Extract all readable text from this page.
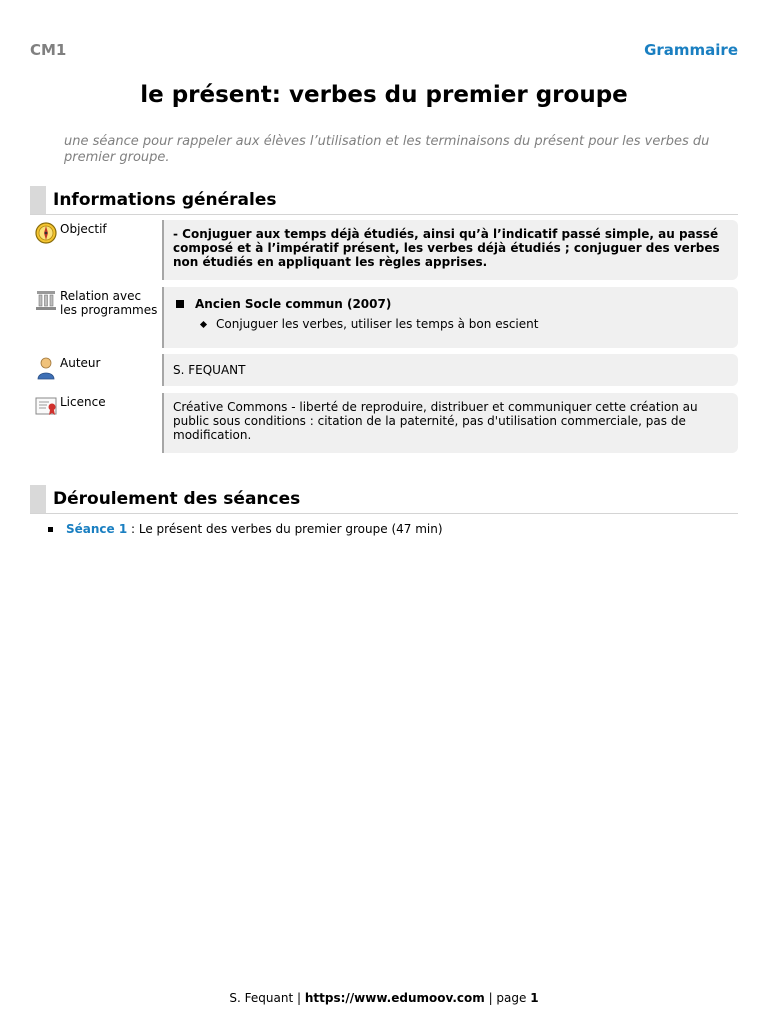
CM1	Grammaire
le présent: verbes du premier groupe
une séance pour rappeler aux élèves l’utilisation et les terminaisons du présent pour les verbes du premier groupe.
Informations générales
Objectif	- Conjuguer aux temps déjà étudiés, ainsi qu’à l’indicatif passé simple, au passé composé et à l’impératif présent, les verbes déjà étudiés ; conjuguer des verbes non étudiés en appliquant les règles apprises.
Relation avec
les programmes	Ancien Socle commun (2007)
Conjuguer les verbes, utiliser les temps à bon escient
Auteur	S. FEQUANT
Licence	Créative Commons - liberté de reproduire, distribuer et communiquer cette création au public sous conditions : citation de la paternité, pas d'utilisation commerciale, pas de modification.
Déroulement des séances
Séance 1 : Le présent des verbes du premier groupe (47 min)
S. Fequant | https://www.edumoov.com | page 1
